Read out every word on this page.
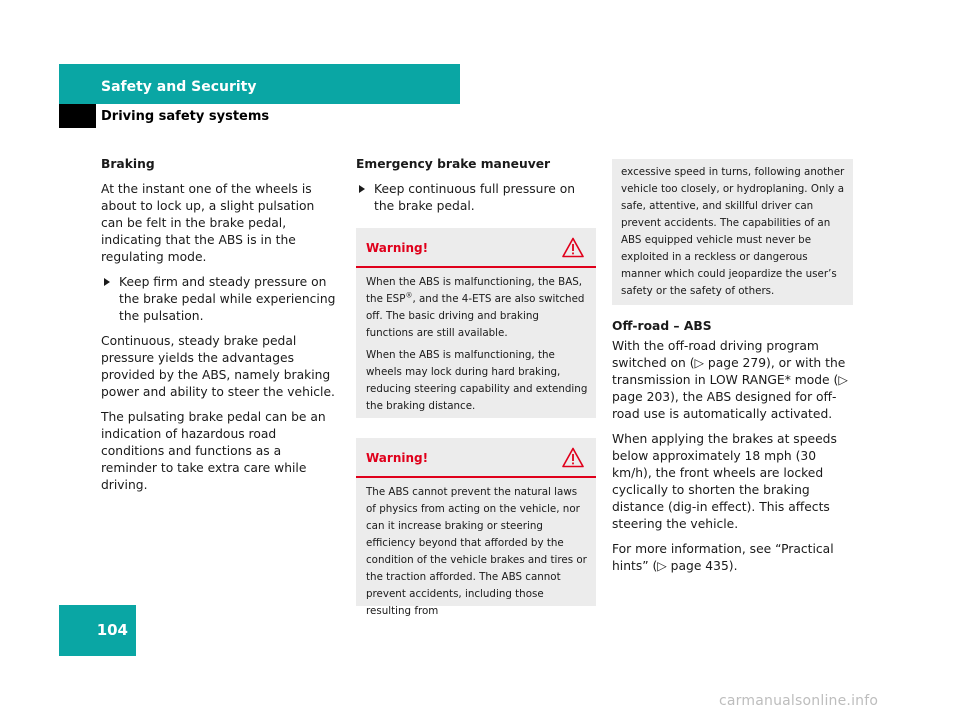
Safety and Security
Driving safety systems
Braking

At the instant one of the wheels is about to lock up, a slight pulsation can be felt in the brake pedal, indicating that the ABS is in the regulating mode.

Keep firm and steady pressure on the brake pedal while experiencing the pulsation.

Continuous, steady brake pedal pressure yields the advantages provided by the ABS, namely braking power and ability to steer the vehicle.

The pulsating brake pedal can be an indication of hazardous road conditions and functions as a reminder to take extra care while driving.

Emergency brake maneuver
Keep continuous full pressure on the brake pedal.
Warning!

When the ABS is malfunctioning, the BAS, the ESP®, and the 4-ETS are also switched off. The basic driving and braking functions are still available.

When the ABS is malfunctioning, the wheels may lock during hard braking, reducing steering capability and extending the braking distance.

Warning!

The ABS cannot prevent the natural laws of physics from acting on the vehicle, nor can it increase braking or steering efficiency beyond that afforded by the condition of the vehicle brakes and tires or the traction afforded. The ABS cannot prevent accidents, including those resulting from

excessive speed in turns, following another vehicle too closely, or hydroplaning. Only a safe, attentive, and skillful driver can prevent accidents. The capabilities of an ABS equipped vehicle must never be exploited in a reckless or dangerous manner which could jeopardize the user’s safety or the safety of others.

Off-road – ABS

With the off-road driving program switched on (▷ page 279), or with the transmission in LOW RANGE* mode (▷ page 203), the ABS designed for off-road use is automatically activated.

When applying the brakes at speeds below approximately 18 mph (30 km/h), the front wheels are locked cyclically to shorten the braking distance (dig-in effect). This affects steering the vehicle.

For more information, see “Practical hints” (▷ page 435).

104
carmanualsonline.info
